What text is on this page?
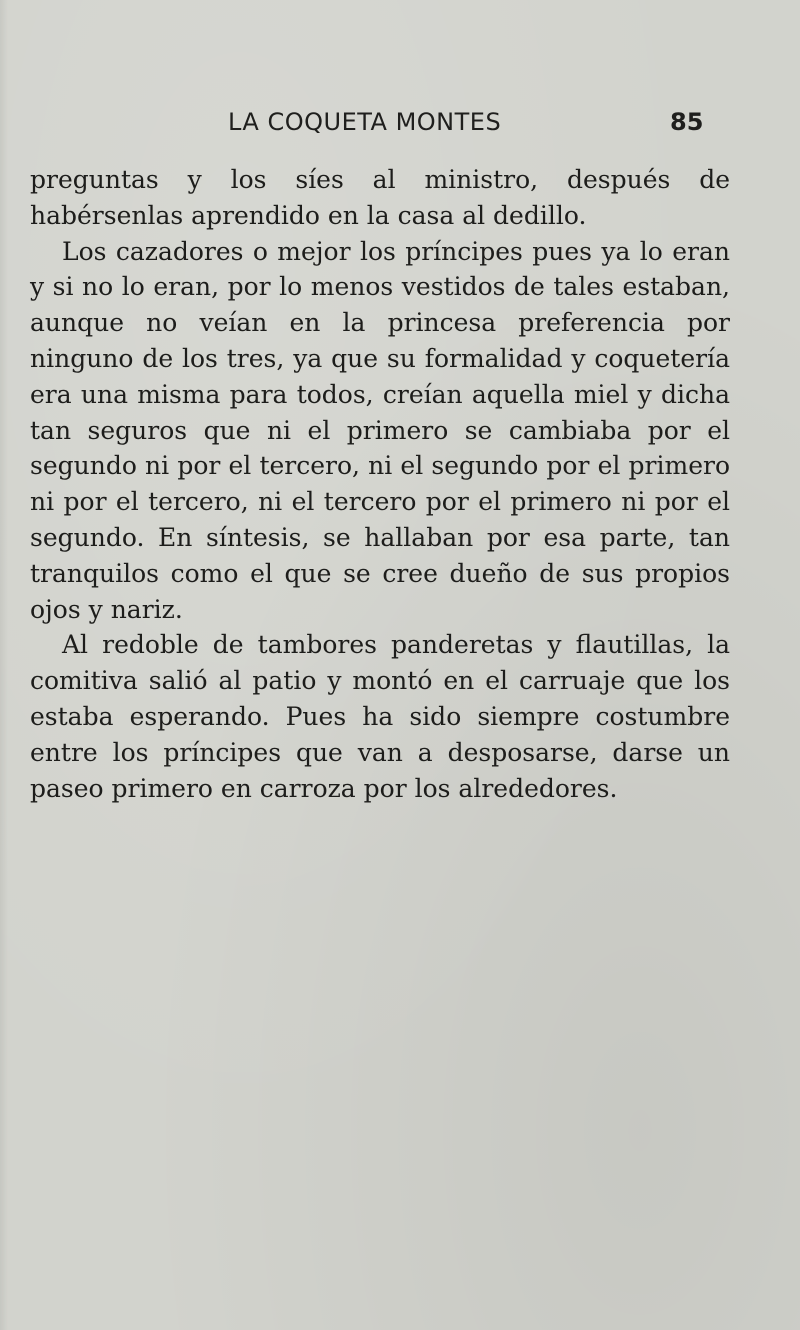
LA COQUETA MONTES	85

preguntas y los síes al ministro, después de habérsenlas aprendido en la casa al dedillo.

Los cazadores o mejor los príncipes pues ya lo eran y si no lo eran, por lo menos vestidos de tales estaban, aunque no veían en la princesa preferencia por ninguno de los tres, ya que su formalidad y coquetería era una misma para todos, creían aquella miel y dicha tan seguros que ni el primero se cambiaba por el segundo ni por el tercero, ni el segundo por el primero ni por el tercero, ni el tercero por el primero ni por el segundo. En síntesis, se hallaban por esa parte, tan tranquilos como el que se cree dueño de sus propios ojos y nariz.

Al redoble de tambores panderetas y flautillas, la comitiva salió al patio y montó en el carruaje que los estaba esperando. Pues ha sido siempre costumbre entre los príncipes que van a desposarse, darse un paseo primero en carroza por los alrededores.
